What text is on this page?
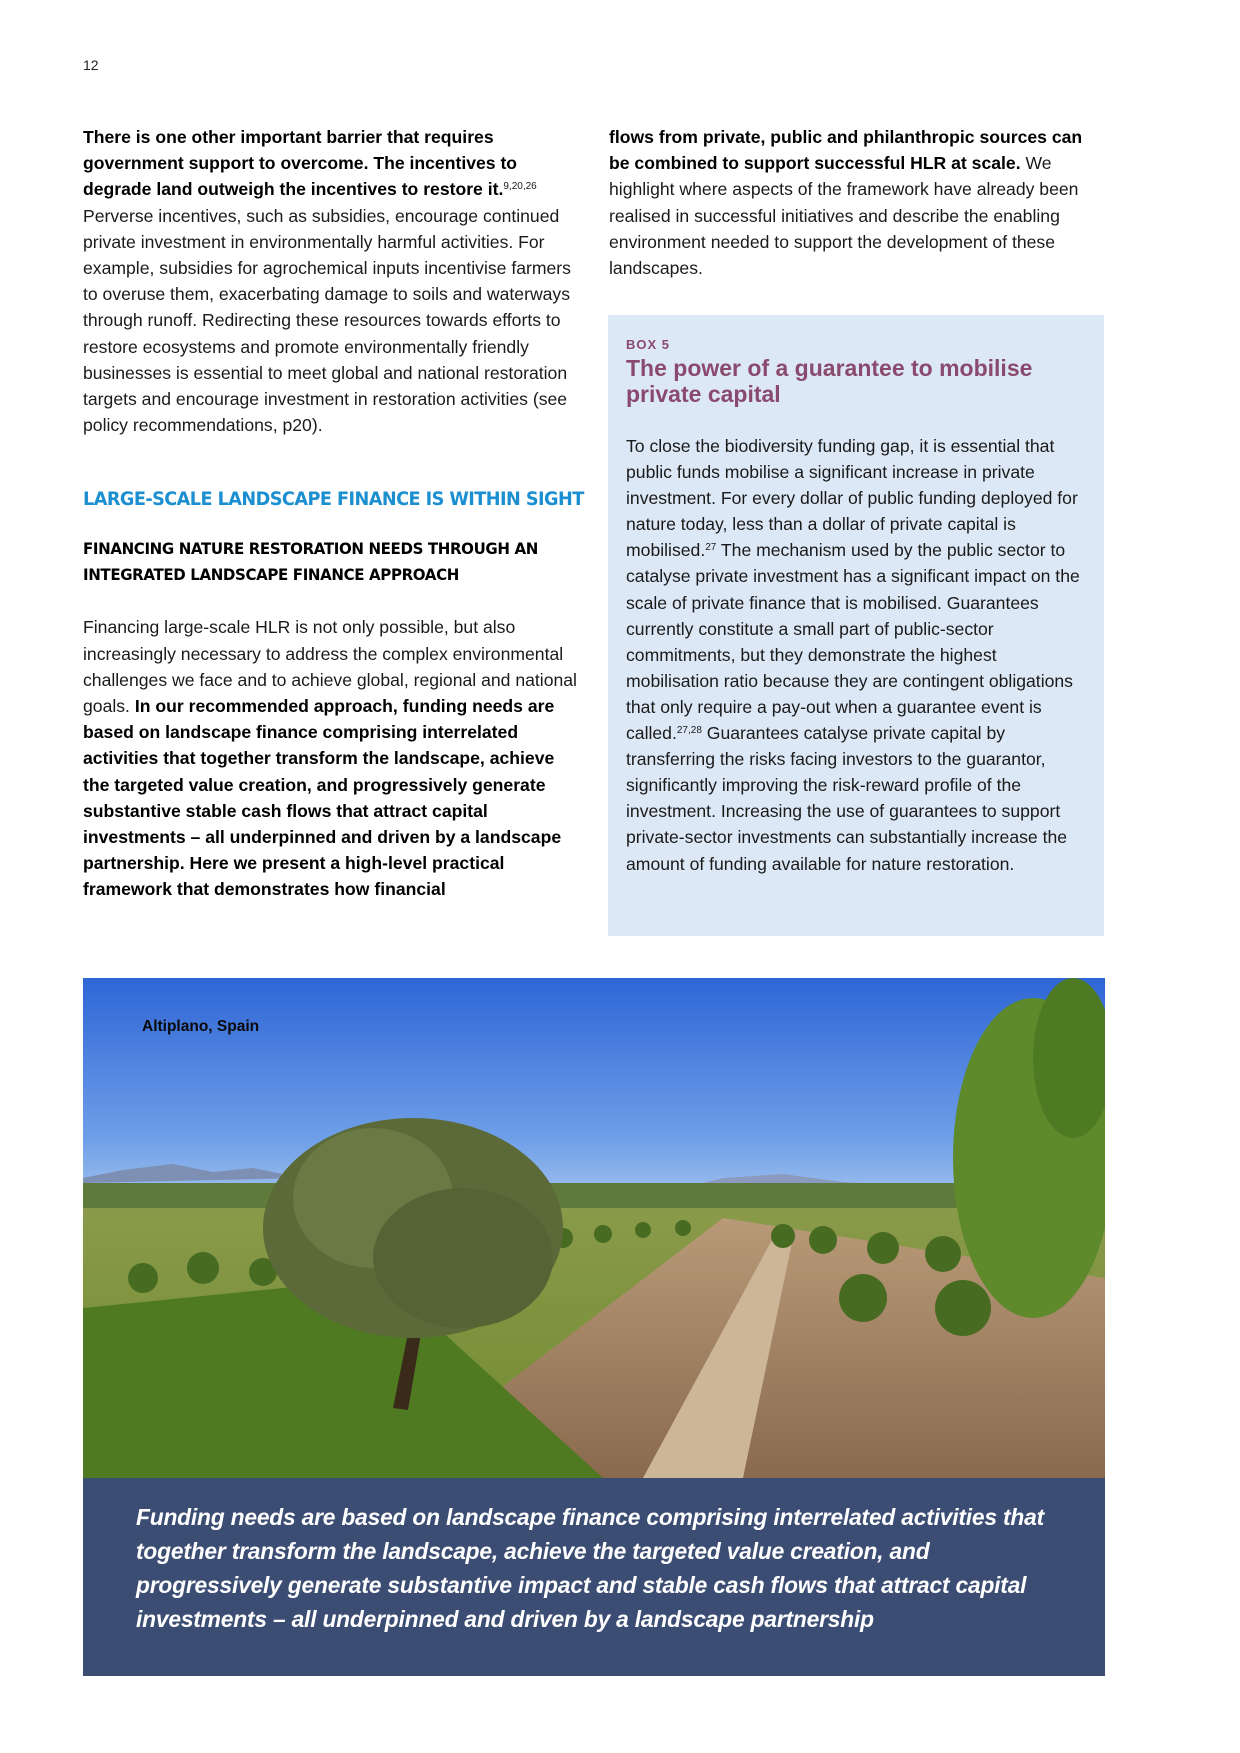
12

There is one other important barrier that requires government support to overcome. The incentives to degrade land outweigh the incentives to restore it.$^{9,20,26}$ Perverse incentives, such as subsidies, encourage continued private investment in environmentally harmful activities. For example, subsidies for agrochemical inputs incentivise farmers to overuse them, exacerbating damage to soils and waterways through runoff. Redirecting these resources towards efforts to restore ecosystems and promote environmentally friendly businesses is essential to meet global and national restoration targets and encourage investment in restoration activities (see policy recommendations, p20).

LARGE-SCALE LANDSCAPE FINANCE IS WITHIN SIGHT
FINANCING NATURE RESTORATION NEEDS THROUGH AN INTEGRATED LANDSCAPE FINANCE APPROACH

Financing large-scale HLR is not only possible, but also increasingly necessary to address the complex environmental challenges we face and to achieve global, regional and national goals. In our recommended approach, funding needs are based on landscape finance comprising interrelated activities that together transform the landscape, achieve the targeted value creation, and progressively generate substantive stable cash flows that attract capital investments – all underpinned and driven by a landscape partnership. Here we present a high-level practical framework that demonstrates how financial

flows from private, public and philanthropic sources can be combined to support successful HLR at scale. We highlight where aspects of the framework have already been realised in successful initiatives and describe the enabling environment needed to support the development of these landscapes.

BOX 5
The power of a guarantee to mobilise private capital

To close the biodiversity funding gap, it is essential that public funds mobilise a significant increase in private investment. For every dollar of public funding deployed for nature today, less than a dollar of private capital is mobilised.$^{27}$ The mechanism used by the public sector to catalyse private investment has a significant impact on the scale of private finance that is mobilised. Guarantees currently constitute a small part of public-sector commitments, but they demonstrate the highest mobilisation ratio because they are contingent obligations that only require a pay-out when a guarantee event is called.$^{27,28}$ Guarantees catalyse private capital by transferring the risks facing investors to the guarantor, significantly improving the risk-reward profile of the investment. Increasing the use of guarantees to support private-sector investments can substantially increase the amount of funding available for nature restoration.

Altiplano, Spain

Funding needs are based on landscape finance comprising interrelated activities that together transform the landscape, achieve the targeted value creation, and progressively generate substantive impact and stable cash flows that attract capital investments – all underpinned and driven by a landscape partnership
